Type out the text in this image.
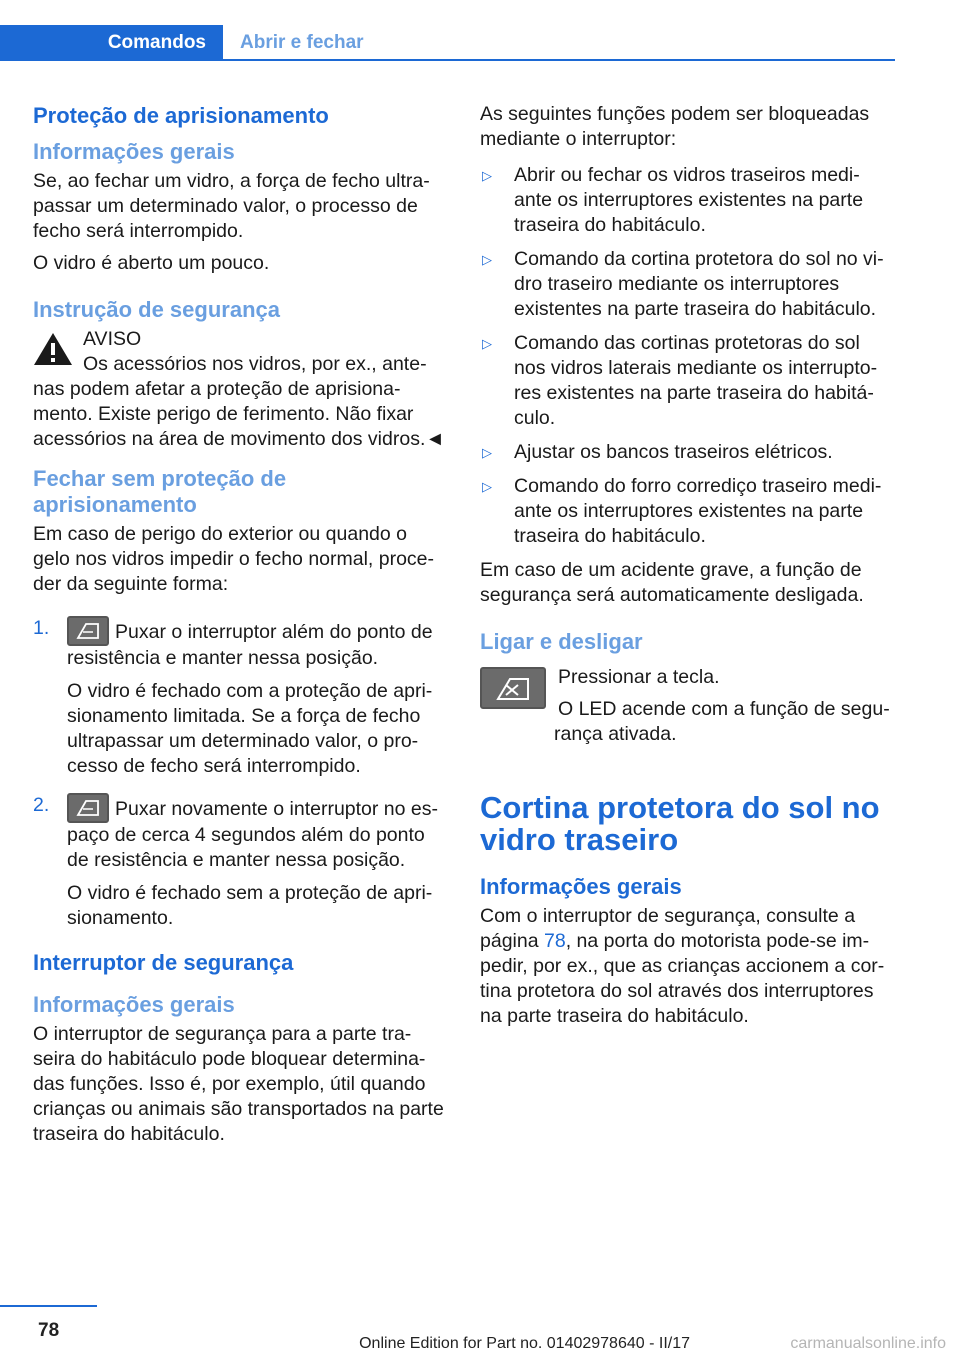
Comandos	Abrir e fechar
Proteção de aprisionamento
Informações gerais

Se, ao fechar um vidro, a força de fecho ultra-passar um determinado valor, o processo de fecho será interrompido.

O vidro é aberto um pouco.

Instrução de segurança

AVISO

Os acessórios nos vidros, por ex., ante-nas podem afetar a proteção de aprisiona-mento. Existe perigo de ferimento. Não fixar acessórios na área de movimento dos vidros.◄

Fechar sem proteção de aprisionamento

Em caso de perigo do exterior ou quando o gelo nos vidros impedir o fecho normal, proce-der da seguinte forma:

1.	Puxar o interruptor além do ponto de resistência e manter nessa posição.

O vidro é fechado com a proteção de apri-sionamento limitada. Se a força de fecho ultrapassar um determinado valor, o pro-cesso de fecho será interrompido.

2.	Puxar novamente o interruptor no es-paço de cerca 4 segundos além do ponto de resistência e manter nessa posição.

O vidro é fechado sem a proteção de apri-sionamento.

Interruptor de segurança
Informações gerais

O interruptor de segurança para a parte tra-seira do habitáculo pode bloquear determina-das funções. Isso é, por exemplo, útil quando crianças ou animais são transportados na parte traseira do habitáculo.

As seguintes funções podem ser bloqueadas mediante o interruptor:

▷ Abrir ou fechar os vidros traseiros medi-ante os interruptores existentes na parte traseira do habitáculo.
▷ Comando da cortina protetora do sol no vi-dro traseiro mediante os interruptores existentes na parte traseira do habitáculo.
▷ Comando das cortinas protetoras do sol nos vidros laterais mediante os interrupto-res existentes na parte traseira do habitá-culo.
▷ Ajustar os bancos traseiros elétricos.
▷ Comando do forro corrediço traseiro medi-ante os interruptores existentes na parte traseira do habitáculo.

Em caso de um acidente grave, a função de segurança será automaticamente desligada.

Ligar e desligar

Pressionar a tecla.

O LED acende com a função de segu-rança ativada.

Cortina protetora do sol no vidro traseiro
Informações gerais

Com o interruptor de segurança, consulte a página 78, na porta do motorista pode-se im-pedir, por ex., que as crianças accionem a cor-tina protetora do sol através dos interruptores na parte traseira do habitáculo.

78
Online Edition for Part no. 01402978640 - II/17	carmanualsonline.info
